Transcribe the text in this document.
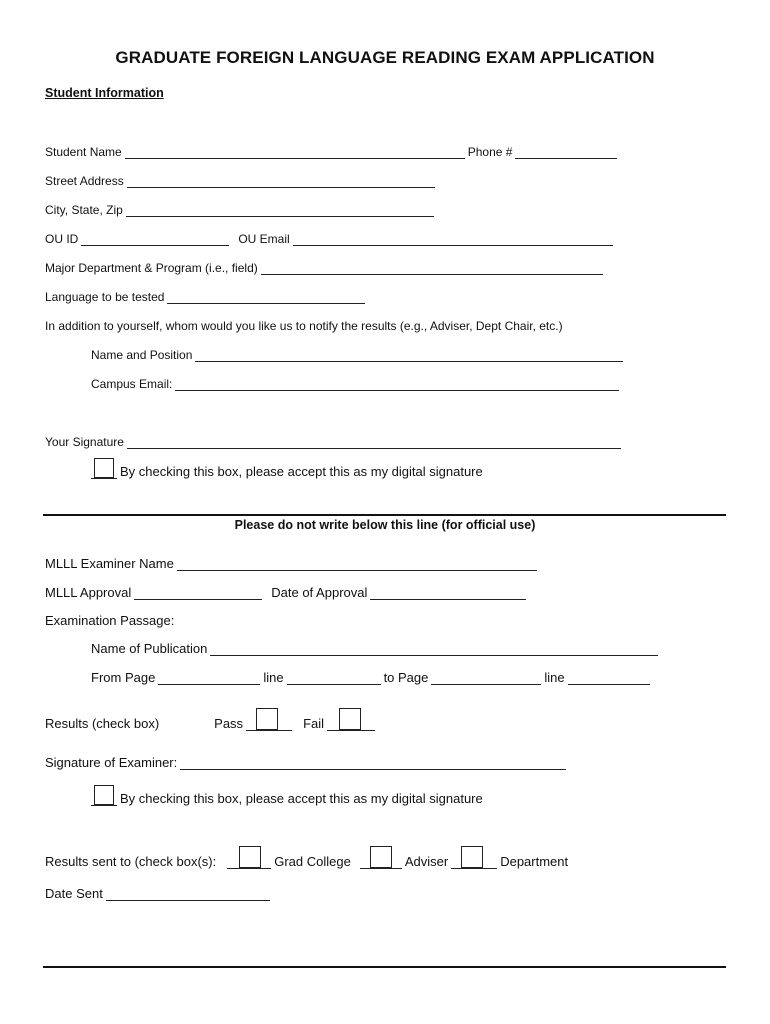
GRADUATE FOREIGN LANGUAGE READING EXAM APPLICATION
Student Information
Student Name	Phone #
Street Address
City, State, Zip
OU ID	OU Email
Major Department & Program (i.e., field)
Language to be tested
In addition to yourself, whom would you like us to notify the results (e.g., Adviser, Dept Chair, etc.)
Name and Position
Campus Email:
Your Signature
By checking this box, please accept this as my digital signature
Please do not write below this line (for official use)
MLLL Examiner Name
MLLL Approval	Date of Approval
Examination Passage:
Name of Publication
From Page	line	to Page	line
Results (check box)	Pass	Fail
Signature of Examiner:
By checking this box, please accept this as my digital signature
Results sent to (check box(s):	Grad College	Adviser	Department
Date Sent
